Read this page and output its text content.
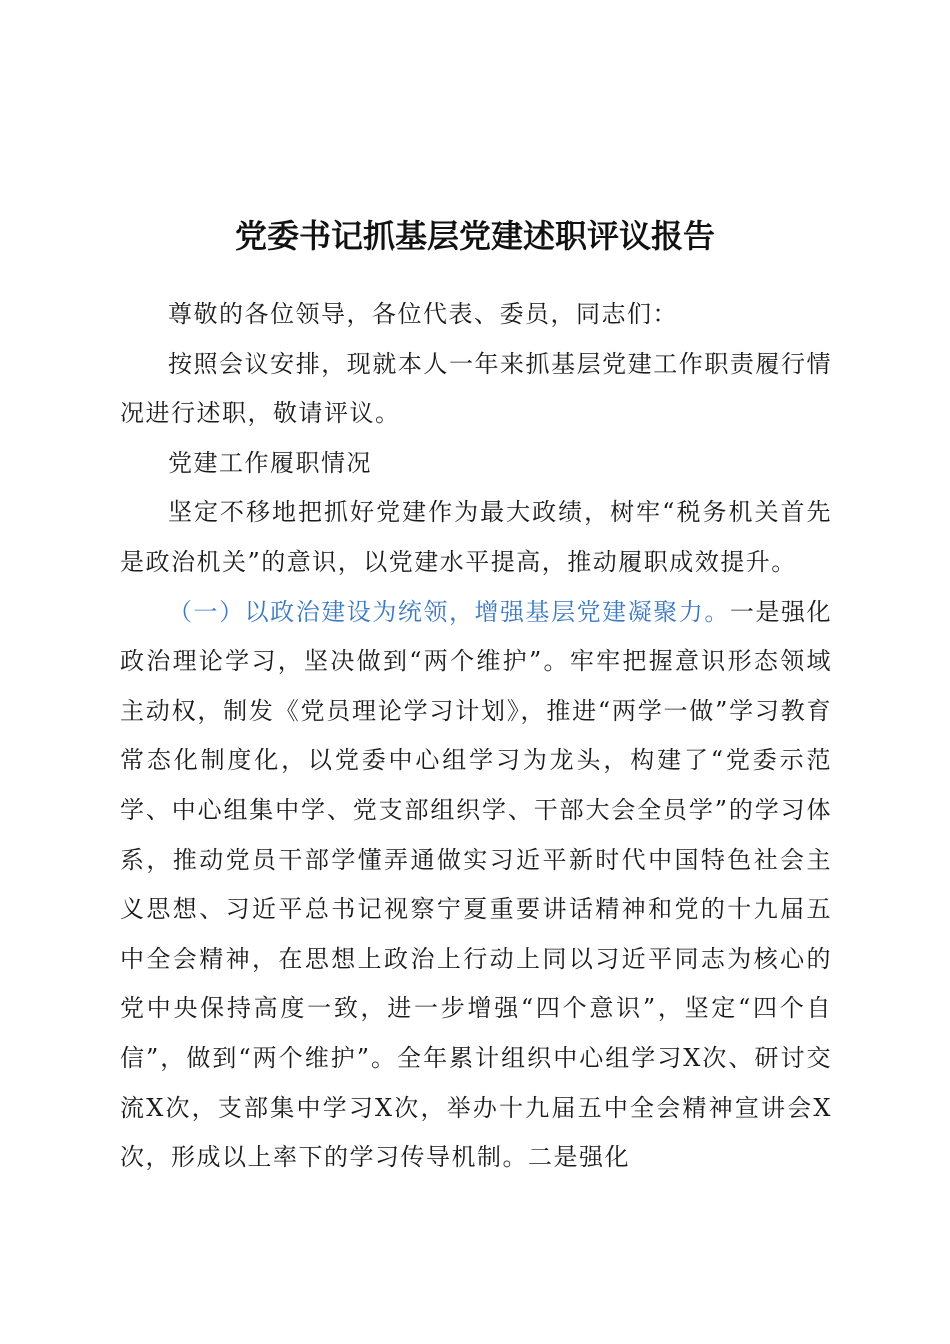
党委书记抓基层党建述职评议报告

尊敬的各位领导，各位代表、委员，同志们：

按照会议安排，现就本人一年来抓基层党建工作职责履行情况进行述职，敬请评议。

党建工作履职情况

坚定不移地把抓好党建作为最大政绩，树牢“税务机关首先是政治机关”的意识，以党建水平提高，推动履职成效提升。

（一）以政治建设为统领，增强基层党建凝聚力。一是强化政治理论学习，坚决做到“两个维护”。牢牢把握意识形态领域主动权，制发《党员理论学习计划》，推进“两学一做”学习教育常态化制度化，以党委中心组学习为龙头，构建了“党委示范学、中心组集中学、党支部组织学、干部大会全员学”的学习体系，推动党员干部学懂弄通做实习近平新时代中国特色社会主义思想、习近平总书记视察宁夏重要讲话精神和党的十九届五中全会精神，在思想上政治上行动上同以习近平同志为核心的党中央保持高度一致，进一步增强“四个意识”，坚定“四个自信”，做到“两个维护”。全年累计组织中心组学习X次、研讨交流X次，支部集中学习X次，举办十九届五中全会精神宣讲会X次，形成以上率下的学习传导机制。二是强化
